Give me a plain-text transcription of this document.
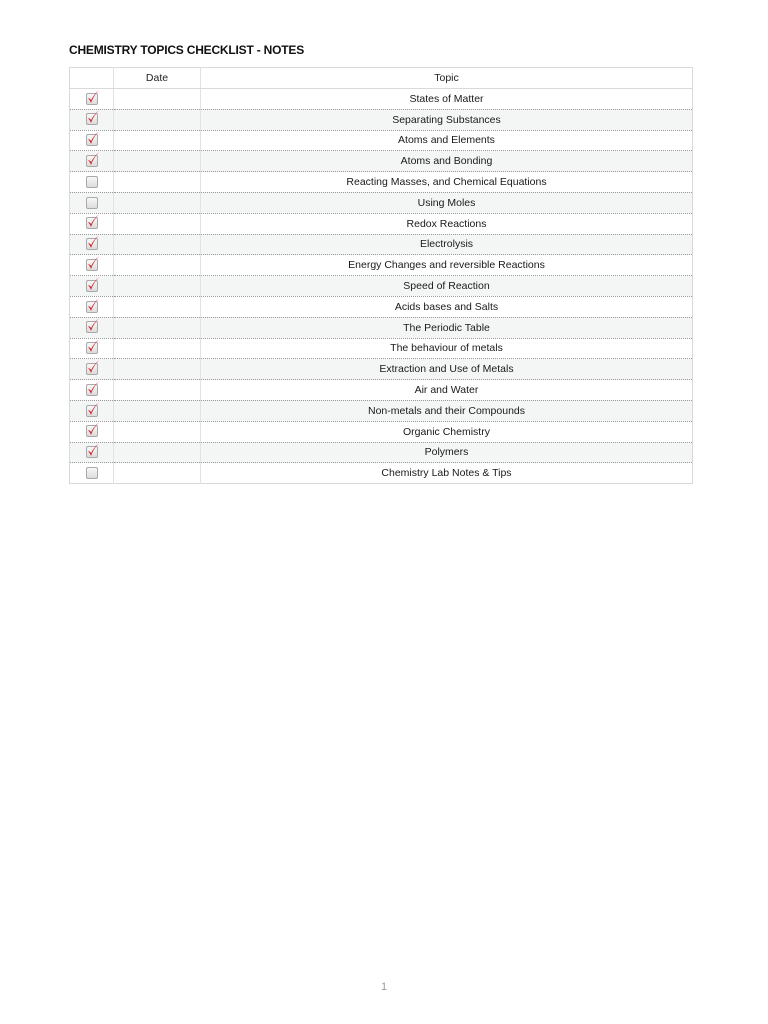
CHEMISTRY TOPICS CHECKLIST - NOTES
	Date	Topic

		States of Matter

		Separating Substances

		Atoms and Elements

		Atoms and Bonding
		Reacting Masses, and Chemical Equations
		Using Moles

		Redox Reactions

		Electrolysis

		Energy Changes and reversible Reactions

		Speed of Reaction

		Acids bases and Salts

		The Periodic Table

		The behaviour of metals

		Extraction and Use of Metals

		Air and Water

		Non-metals and their Compounds

		Organic Chemistry

		Polymers
		Chemistry Lab Notes & Tips
1
